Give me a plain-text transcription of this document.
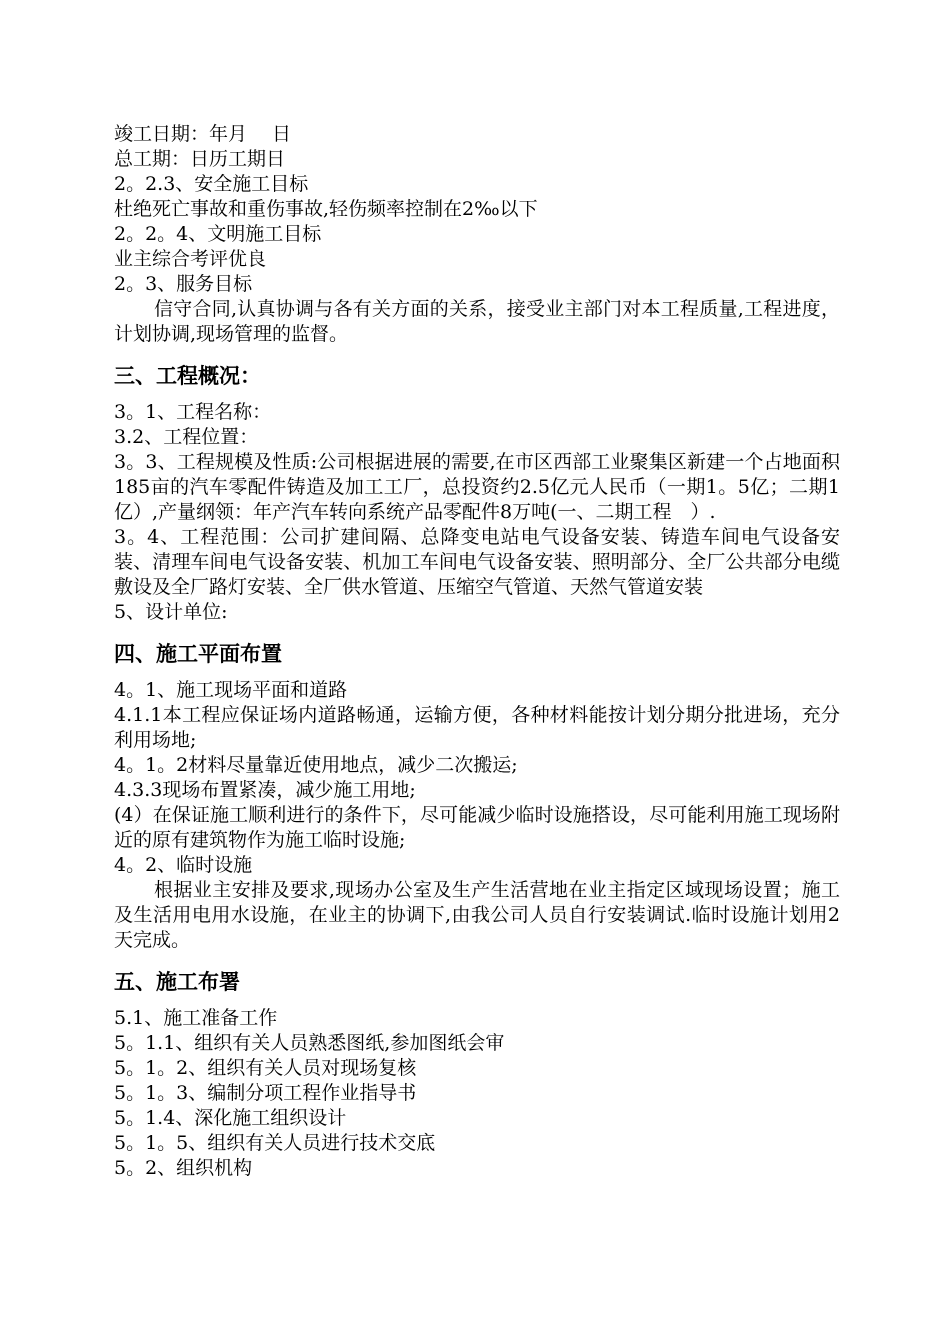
竣工日期：年月　 日
总工期：日历工期日
2。2.3、安全施工目标
杜绝死亡事故和重伤事故,轻伤频率控制在2‰以下
2。2。4、文明施工目标
业主综合考评优良
2。3、服务目标
信守合同,认真协调与各有关方面的关系，接受业主部门对本工程质量,工程进度，计划协调,现场管理的监督。
三、工程概况：
3。1、工程名称：
3.2、工程位置：
3。3、工程规模及性质:公司根据进展的需要,在市区西部工业聚集区新建一个占地面积185亩的汽车零配件铸造及加工工厂，总投资约2.5亿元人民币（一期1。5亿；二期1亿）,产量纲领：年产汽车转向系统产品零配件8万吨(一、二期工程　）.
3。4、工程范围：公司扩建间隔、总降变电站电气设备安装、铸造车间电气设备安装、清理车间电气设备安装、机加工车间电气设备安装、照明部分、全厂公共部分电缆敷设及全厂路灯安装、全厂供水管道、压缩空气管道、天然气管道安装
5、设计单位:
四、施工平面布置
4。1、施工现场平面和道路
4.1.1本工程应保证场内道路畅通，运输方便，各种材料能按计划分期分批进场，充分利用场地;
4。1。2材料尽量靠近使用地点，减少二次搬运;
4.3.3现场布置紧凑，减少施工用地;
(4）在保证施工顺利进行的条件下，尽可能减少临时设施搭设，尽可能利用施工现场附近的原有建筑物作为施工临时设施;
4。2、临时设施
根据业主安排及要求,现场办公室及生产生活营地在业主指定区域现场设置；施工及生活用电用水设施，在业主的协调下,由我公司人员自行安装调试.临时设施计划用2天完成。
五、施工布署
5.1、施工准备工作
5。1.1、组织有关人员熟悉图纸,参加图纸会审
5。1。2、组织有关人员对现场复核
5。1。3、编制分项工程作业指导书
5。1.4、深化施工组织设计
5。1。5、组织有关人员进行技术交底
5。2、组织机构
